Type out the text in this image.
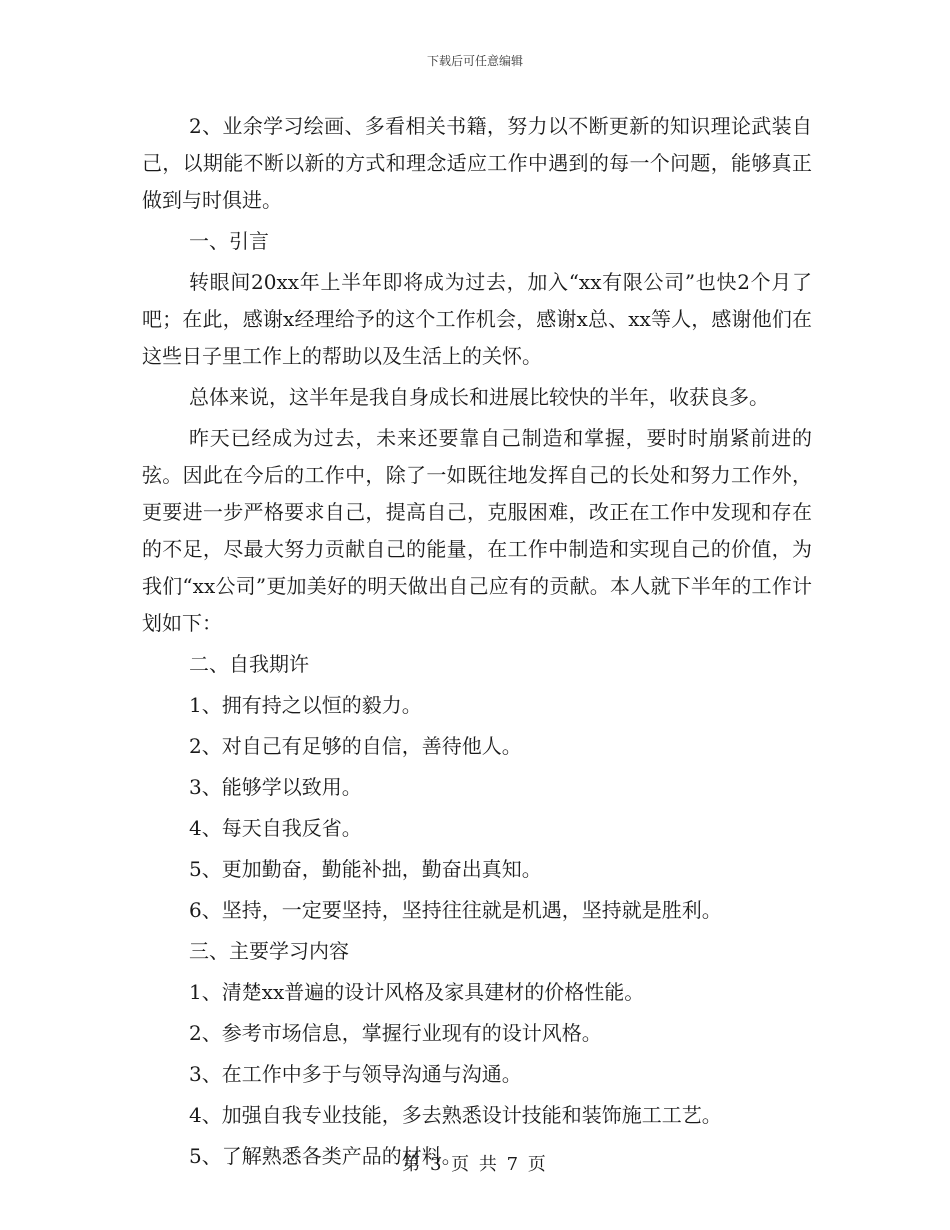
下载后可任意编辑

2、业余学习绘画、多看相关书籍，努力以不断更新的知识理论武装自己，以期能不断以新的方式和理念适应工作中遇到的每一个问题，能够真正做到与时俱进。

一、引言

转眼间20xx年上半年即将成为过去，加入“xx有限公司”也快2个月了吧；在此，感谢x经理给予的这个工作机会，感谢x总、xx等人，感谢他们在这些日子里工作上的帮助以及生活上的关怀。

总体来说，这半年是我自身成长和进展比较快的半年，收获良多。

昨天已经成为过去，未来还要靠自己制造和掌握，要时时崩紧前进的弦。因此在今后的工作中，除了一如既往地发挥自己的长处和努力工作外，更要进一步严格要求自己，提高自己，克服困难，改正在工作中发现和存在的不足，尽最大努力贡献自己的能量，在工作中制造和实现自己的价值，为我们“xx公司”更加美好的明天做出自己应有的贡献。本人就下半年的工作计划如下：

二、自我期许

1、拥有持之以恒的毅力。

2、对自己有足够的自信，善待他人。

3、能够学以致用。

4、每天自我反省。

5、更加勤奋，勤能补拙，勤奋出真知。

6、坚持，一定要坚持，坚持往往就是机遇，坚持就是胜利。

三、主要学习内容

1、清楚xx普遍的设计风格及家具建材的价格性能。

2、参考市场信息，掌握行业现有的设计风格。

3、在工作中多于与领导沟通与沟通。

4、加强自我专业技能，多去熟悉设计技能和装饰施工工艺。

5、了解熟悉各类产品的材料。

第 3 页 共 7 页
